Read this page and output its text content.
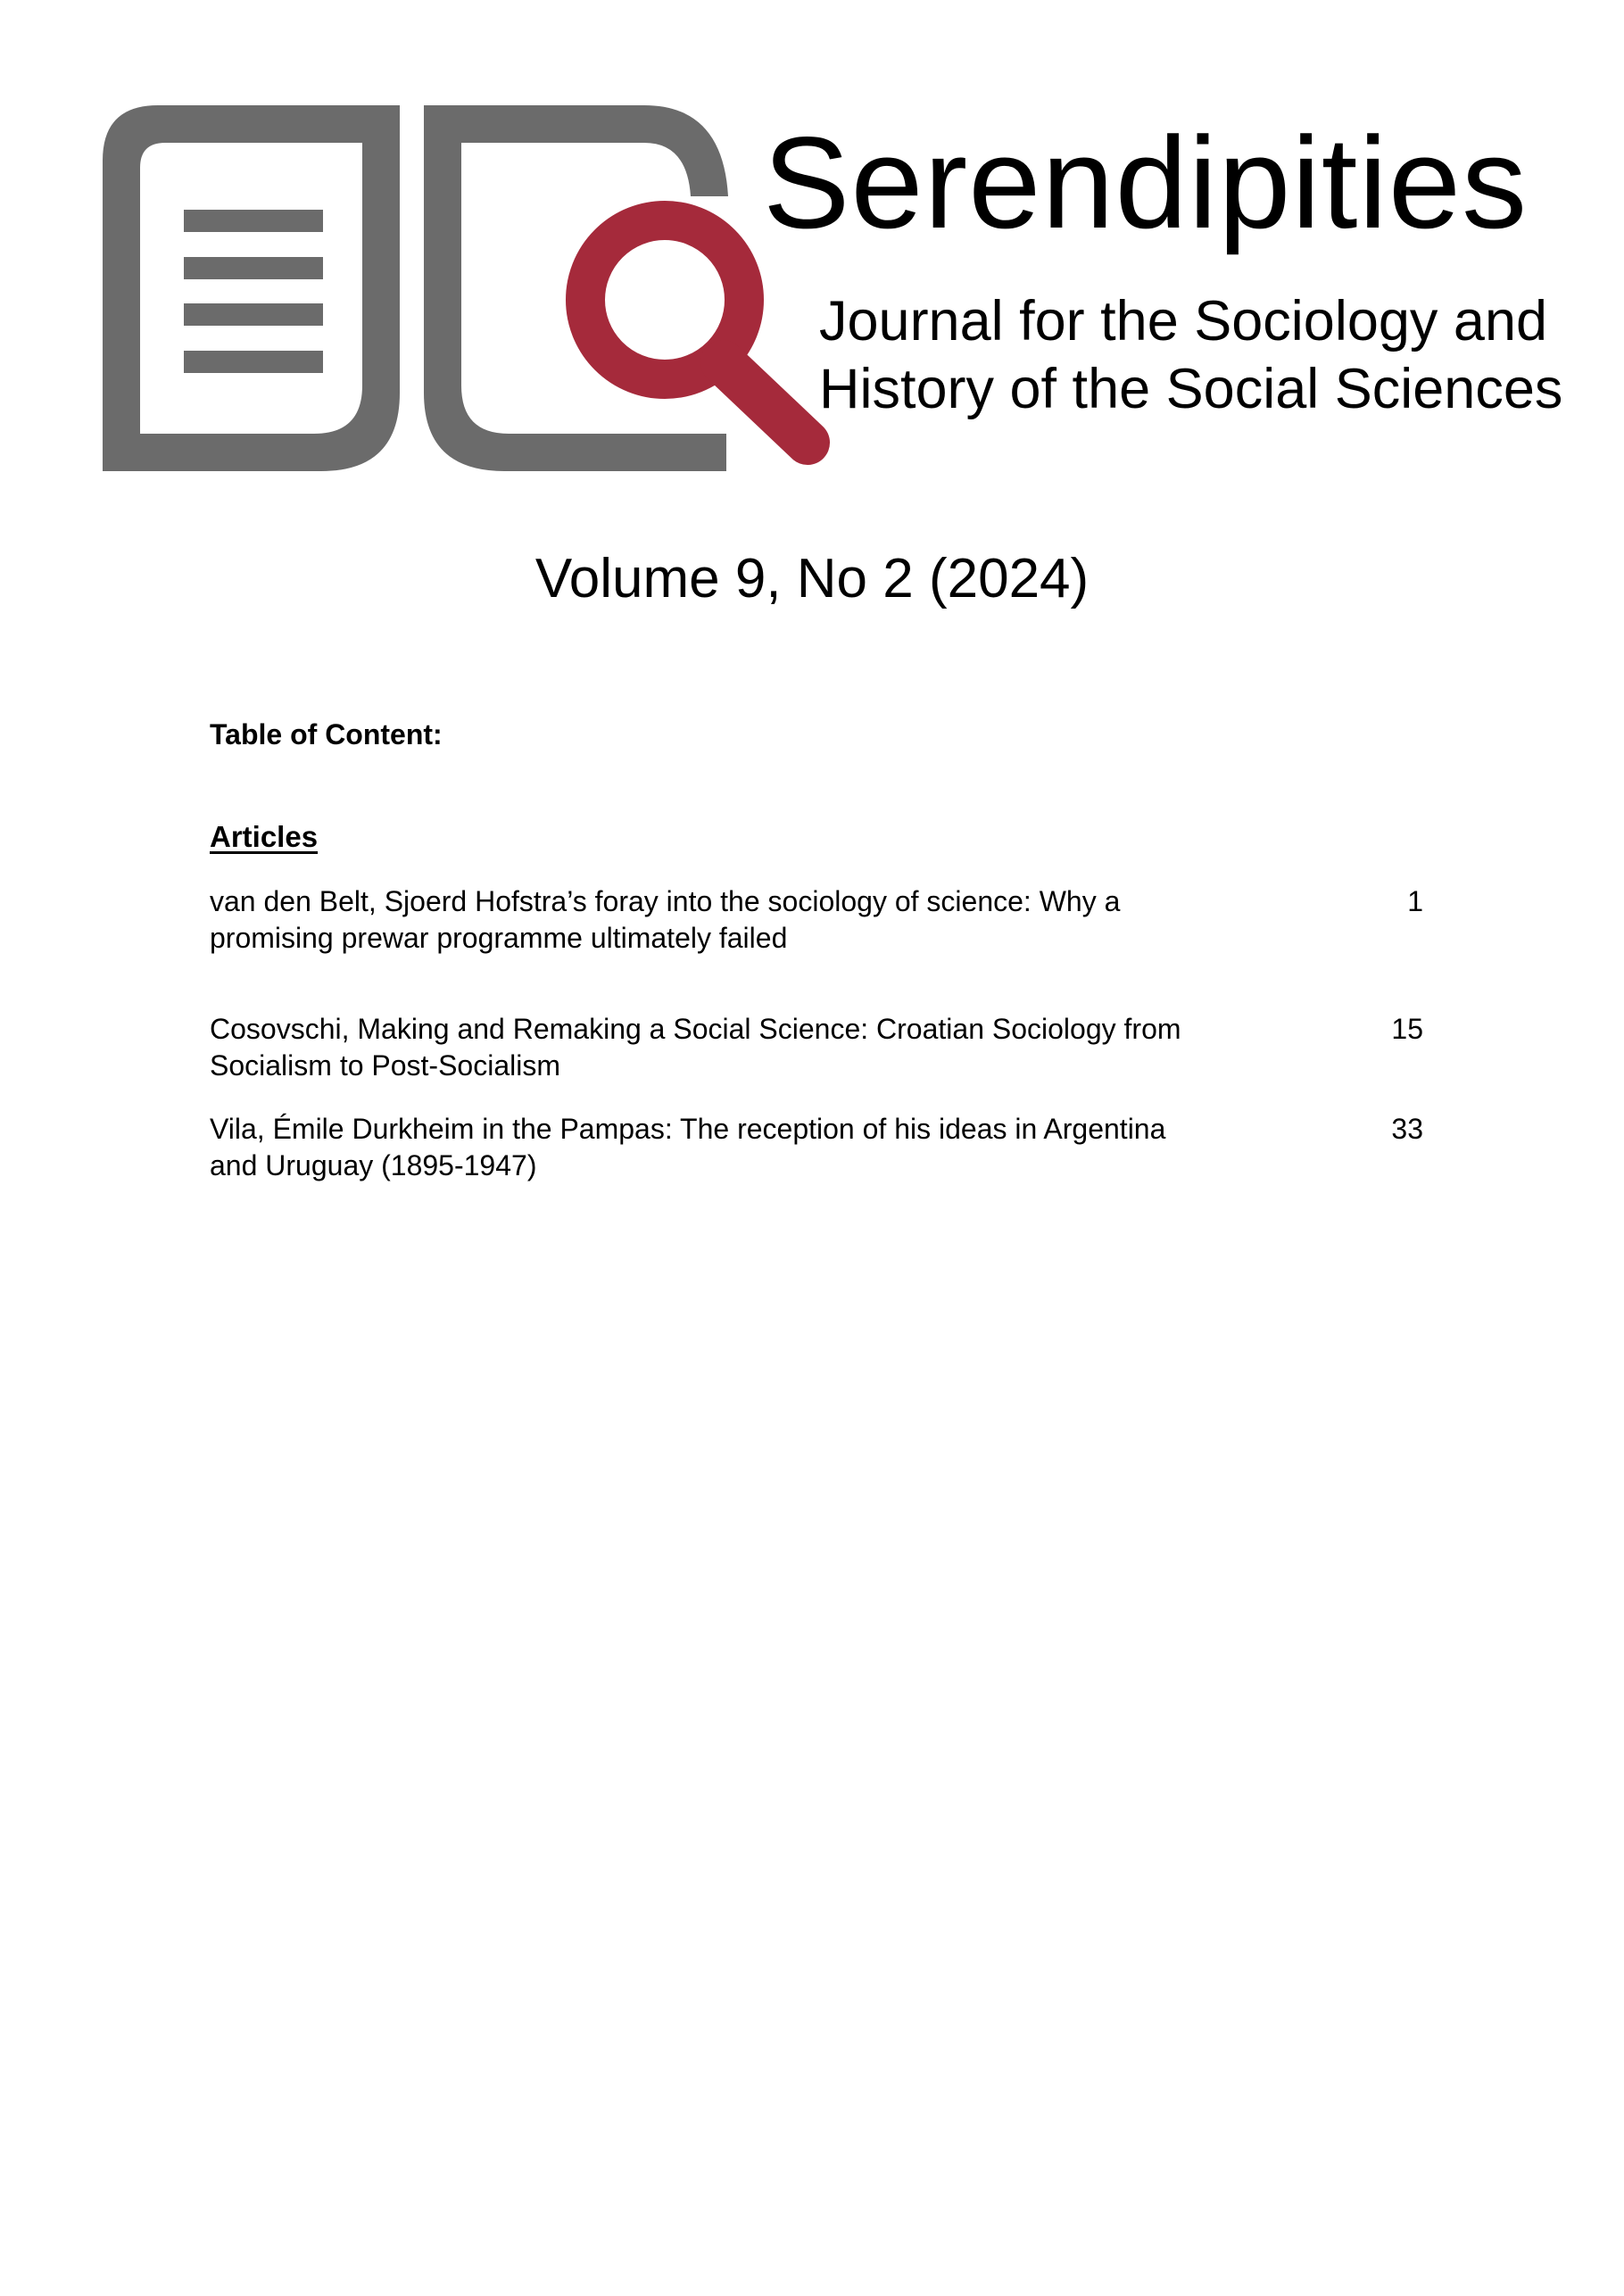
Serendipities
Journal for the Sociology and
History of the Social Sciences
Volume 9, No 2 (2024)

Table of Content:

Articles

van den Belt, Sjoerd Hofstra’s foray into the sociology of science: Why a
promising prewar programme ultimately failed
1
Cosovschi, Making and Remaking a Social Science: Croatian Sociology from
Socialism to Post-Socialism
15
Vila, Émile Durkheim in the Pampas: The reception of his ideas in Argentina
and Uruguay (1895-1947)
33
